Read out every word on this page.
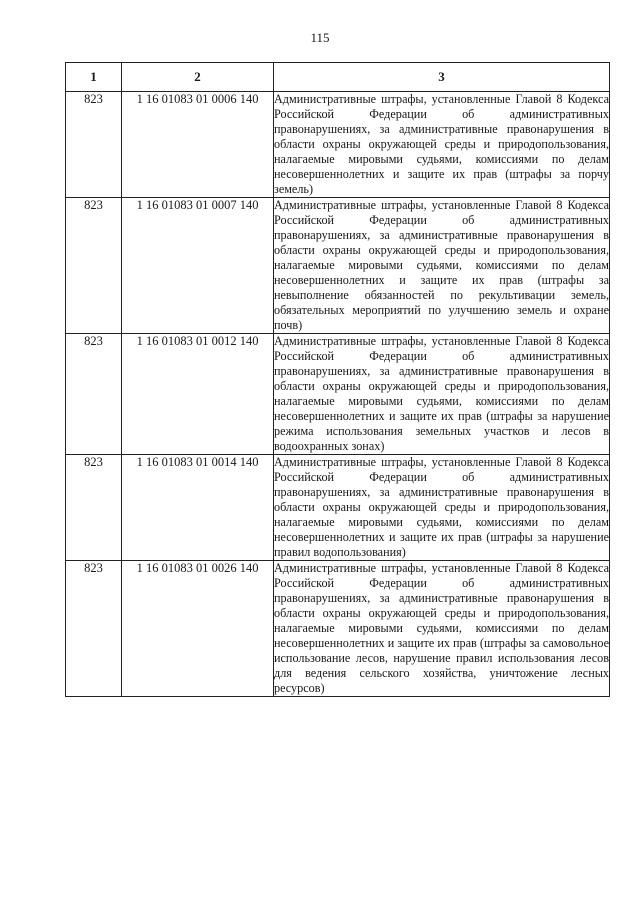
115
1	2	3
823	1 16 01083 01 0006 140	Административные штрафы, установленные Главой 8 Кодекса Российской Федерации об административных правонарушениях, за административные правонарушения в области охраны окружающей среды и природопользования, налагаемые мировыми судьями, комиссиями по делам несовершеннолетних и защите их прав (штрафы за порчу земель)
823	1 16 01083 01 0007 140	Административные штрафы, установленные Главой 8 Кодекса Российской Федерации об административных правонарушениях, за административные правонарушения в области охраны окружающей среды и природопользования, налагаемые мировыми судьями, комиссиями по делам несовершеннолетних и защите их прав (штрафы за невыполнение обязанностей по рекультивации земель, обязательных мероприятий по улучшению земель и охране почв)
823	1 16 01083 01 0012 140	Административные штрафы, установленные Главой 8 Кодекса Российской Федерации об административных правонарушениях, за административные правонарушения в области охраны окружающей среды и природопользования, налагаемые мировыми судьями, комиссиями по делам несовершеннолетних и защите их прав (штрафы за нарушение режима использования земельных участков и лесов в водоохранных зонах)
823	1 16 01083 01 0014 140	Административные штрафы, установленные Главой 8 Кодекса Российской Федерации об административных правонарушениях, за административные правонарушения в области охраны окружающей среды и природопользования, налагаемые мировыми судьями, комиссиями по делам несовершеннолетних и защите их прав (штрафы за нарушение правил водопользования)
823	1 16 01083 01 0026 140	Административные штрафы, установленные Главой 8 Кодекса Российской Федерации об административных правонарушениях, за административные правонарушения в области охраны окружающей среды и природопользования, налагаемые мировыми судьями, комиссиями по делам несовершеннолетних и защите их прав (штрафы за самовольное использование лесов, нарушение правил использования лесов для ведения сельского хозяйства, уничтожение лесных ресурсов)
